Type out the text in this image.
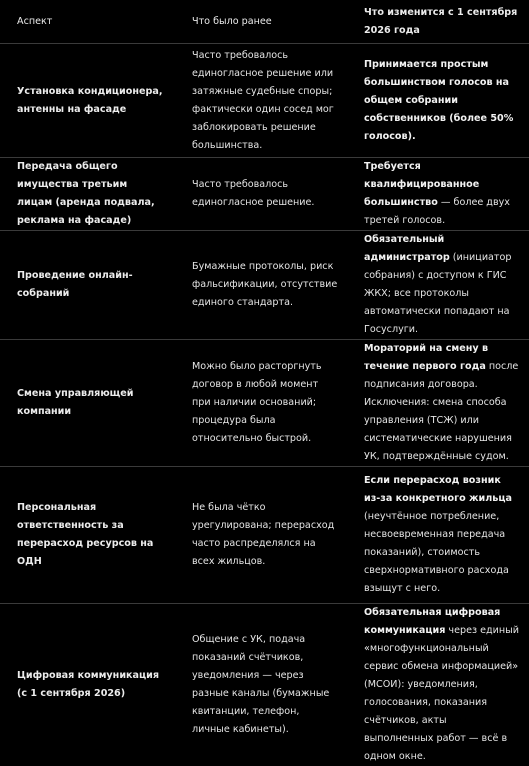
Аспект	Что было ранее	Что изменится с 1 сентября 2026 года
Установка кондиционера, антенны на фасаде	Часто требовалось единогласное решение или затяжные судебные споры; фактически один сосед мог заблокировать решение большинства.	Принимается простым большинством голосов на общем собрании собственников (более 50% голосов).
Передача общего имущества третьим лицам (аренда подвала, реклама на фасаде)	Часто требовалось единогласное решение.	Требуется квалифицированное большинство — более двух третей голосов.
Проведение онлайн-собраний	Бумажные протоколы, риск фальсификации, отсутствие единого стандарта.	Обязательный администратор (инициатор собрания) с доступом к ГИС ЖКХ; все протоколы автоматически попадают на Госуслуги.
Смена управляющей компании	Можно было расторгнуть договор в любой момент при наличии оснований; процедура была относительно быстрой.	Мораторий на смену в течение первого года после подписания договора. Исключения: смена способа управления (ТСЖ) или систематические нарушения УК, подтверждённые судом.
Персональная ответственность за перерасход ресурсов на ОДН	Не была чётко урегулирована; перерасход часто распределялся на всех жильцов.	Если перерасход возник из-за конкретного жильца (неучтённое потребление, несвоевременная передача показаний), стоимость сверхнормативного расхода взыщут с него.
Цифровая коммуникация (с 1 сентября 2026)	Общение с УК, подача показаний счётчиков, уведомления — через разные каналы (бумажные квитанции, телефон, личные кабинеты).	Обязательная цифровая коммуникация через единый «многофункциональный сервис обмена информацией» (МСОИ): уведомления, голосования, показания счётчиков, акты выполненных работ — всё в одном окне.
